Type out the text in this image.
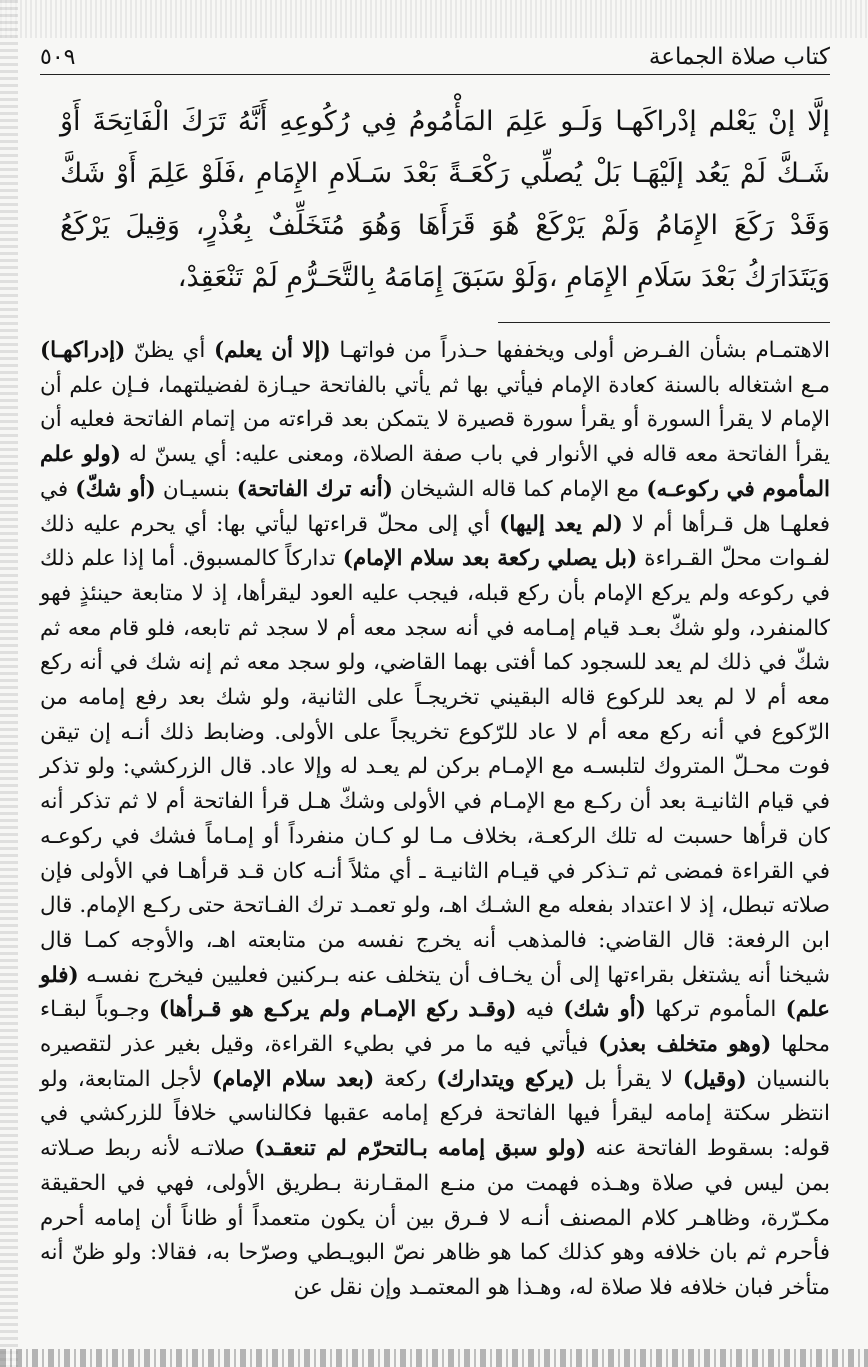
٥٠٩	كتاب صلاة الجماعة

إلَّا إنْ يَعْلم إدْراكَهـا وَلَـو عَلِمَ المَأْمُومُ فِي رُكُوعِهِ أَنَّهُ تَرَكَ الْفَاتِحَةَ أَوْ شَـكَّ لَمْ يَعُد إلَيْهَـا بَلْ يُصلِّي رَكْعَـةً بَعْدَ سَـلَامِ الإِمَامِ ،فَلَوْ عَلِمَ أَوْ شَكَّ وَقَدْ رَكَعَ الإِمَامُ وَلَمْ يَرْكَعْ هُوَ قَرَأَهَا وَهُوَ مُتَخَلِّفٌ بِعُذْرٍ، وَقِيلَ يَرْكَعُ وَيَتَدَارَكُ بَعْدَ سَلَامِ الإِمَامِ ،وَلَوْ سَبَقَ إِمَامَهُ بِالتَّحَـرُّمِ لَمْ تَنْعَقِدْ،

الاهتمـام بشأن الفـرض أولى ويخففها حـذراً من فواتهـا (إلا أن يعلم) أي يظنّ (إدراكهـا) مـع اشتغاله بالسنة كعادة الإمام فيأتي بها ثم يأتي بالفاتحة حيـازة لفضيلتهما، فـإن علم أن الإمام لا يقرأ السورة أو يقرأ سورة قصيرة لا يتمكن بعد قراءته من إتمام الفاتحة فعليه أن يقرأ الفاتحة معه قاله في الأنوار في باب صفة الصلاة، ومعنى عليه: أي يسنّ له (ولو علم المأموم في ركوعـه) مع الإمام كما قاله الشيخان (أنه ترك الفاتحة) بنسيـان (أو شكّ) في فعلهـا هل قـرأها أم لا (لم يعد إليها) أي إلى محلّ قراءتها ليأتي بها: أي يحرم عليه ذلك لفـوات محلّ القـراءة (بل يصلي ركعة بعد سلام الإمام) تداركاً كالمسبوق. أما إذا علم ذلك في ركوعه ولم يركع الإمام بأن ركع قبله، فيجب عليه العود ليقرأها، إذ لا متابعة حينئذٍ فهو كالمنفرد، ولو شكّ بعـد قيام إمـامه في أنه سجد معه أم لا سجد ثم تابعه، فلو قام معه ثم شكّ في ذلك لم يعد للسجود كما أفتى بهما القاضي، ولو سجد معه ثم إنه شك في أنه ركع معه أم لا لم يعد للركوع قاله البقيني تخريجـاً على الثانية، ولو شك بعد رفع إمامه من الرّكوع في أنه ركع معه أم لا عاد للرّكوع تخريجاً على الأولى. وضابط ذلك أنـه إن تيقن فوت محـلّ المتروك لتلبسـه مع الإمـام بركن لم يعـد له وإلا عاد. قال الزركشي: ولو تذكر في قيام الثانيـة بعد أن ركـع مع الإمـام في الأولى وشكّ هـل قرأ الفاتحة أم لا ثم تذكر أنه كان قرأها حسبت له تلك الركعـة، بخلاف مـا لو كـان منفرداً أو إمـاماً فشك في ركوعـه في القراءة فمضى ثم تـذكر في قيـام الثانيـة ـ أي مثلاً أنـه كان قـد قرأهـا في الأولى فإن صلاته تبطل، إذ لا اعتداد بفعله مع الشـك اهـ، ولو تعمـد ترك الفـاتحة حتى ركـع الإمام. قال ابن الرفعة: قال القاضي: فالمذهب أنه يخرج نفسه من متابعته اهـ، والأوجه كمـا قال شيخنا أنه يشتغل بقراءتها إلى أن يخـاف أن يتخلف عنه بـركنين فعليين فيخرج نفسـه (فلو علم) المأموم تركها (أو شك) فيه (وقـد ركع الإمـام ولم يركـع هو قـرأها) وجـوباً لبقـاء محلها (وهو متخلف بعذر) فيأتي فيه ما مر في بطيء القراءة، وقيل بغير عذر لتقصيره بالنسيان (وقيل) لا يقرأ بل (يركع ويتدارك) ركعة (بعد سلام الإمام) لأجل المتابعة، ولو انتظر سكتة إمامه ليقرأ فيها الفاتحة فركع إمامه عقبها فكالناسي خلافاً للزركشي في قوله: بسقوط الفاتحة عنه (ولو سبق إمامه بـالتحرّم لم تنعقـد) صلاتـه لأنه ربط صـلاته بمن ليس في صلاة وهـذه فهمت من منـع المقـارنة بـطريق الأولى، فهي في الحقيقة مكـرّرة، وظاهـر كلام المصنف أنـه لا فـرق بين أن يكون متعمداً أو ظاناً أن إمامه أحرم فأحرم ثم بان خلافه وهو كذلك كما هو ظاهر نصّ البويـطي وصرّحا به، فقالا: ولو ظنّ أنه متأخر فبان خلافه فلا صلاة له، وهـذا هو المعتمـد وإن نقل عن
